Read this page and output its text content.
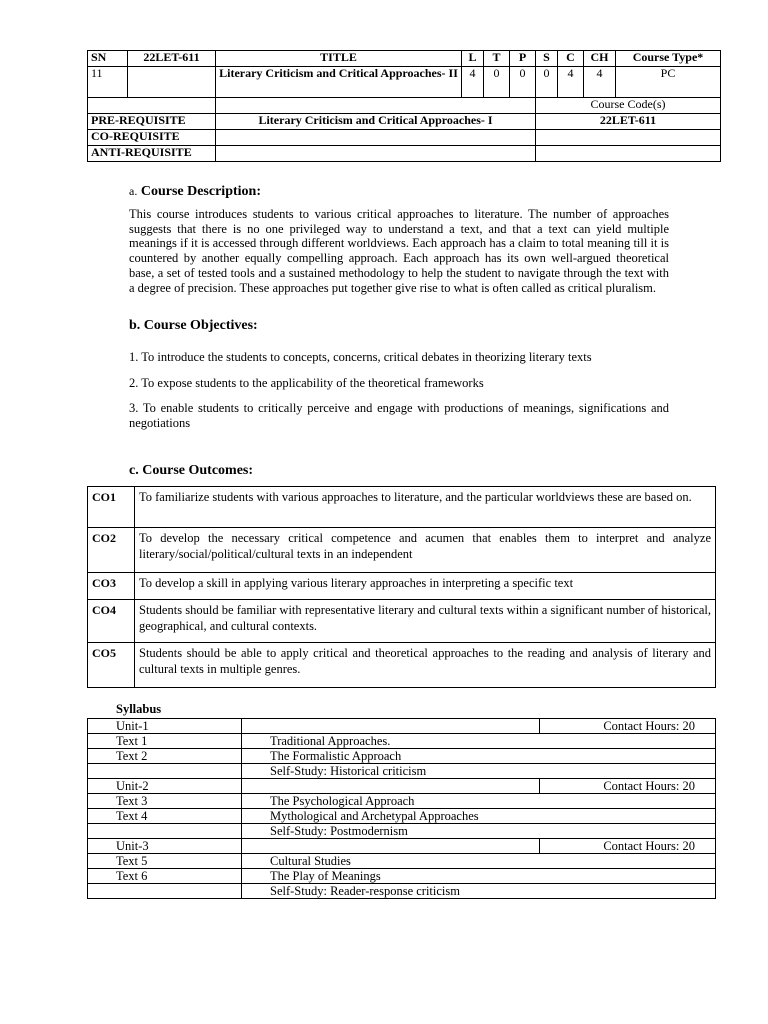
SN	22LET-611	TITLE	L	T	P	S	C	CH	Course Type*
11		Literary Criticism and Critical Approaches- II	4	0	0	0	4	4	PC
						Course Code(s)			
PRE-REQUISITE		Literary Criticism and Critical Approaches- I				22LET-611			
CO-REQUISITE									
ANTI-REQUISITE									
a. Course Description:
This course introduces students to various critical approaches to literature. The number of approaches suggests that there is no one privileged way to understand a text, and that a text can yield multiple meanings if it is accessed through different worldviews. Each approach has a claim to total meaning till it is countered by another equally compelling approach. Each approach has its own well-argued theoretical base, a set of tested tools and a sustained methodology to help the student to navigate through the text with a degree of precision. These approaches put together give rise to what is often called as critical pluralism.
b. Course Objectives:
1. To introduce the students to concepts, concerns, critical debates in theorizing literary texts
2. To expose students to the applicability of the theoretical frameworks
3. To enable students to critically perceive and engage with productions of meanings, significations and negotiations
c. Course Outcomes:
CO1	To familiarize students with various approaches to literature, and the particular worldviews these are based on.
CO2	To develop the necessary critical competence and acumen that enables them to interpret and analyze literary/social/political/cultural texts in an independent
CO3	To develop a skill in applying various literary approaches in interpreting a specific text
CO4	Students should be familiar with representative literary and cultural texts within a significant number of historical, geographical, and cultural contexts.
CO5	Students should be able to apply critical and theoretical approaches to the reading and analysis of literary and cultural texts in multiple genres.
Syllabus
Unit-1		Contact Hours: 20
Text 1	Traditional Approaches.	
Text 2	The Formalistic Approach	
	Self-Study: Historical criticism	
Unit-2		Contact Hours: 20
Text 3	The Psychological Approach	
Text 4	Mythological and Archetypal Approaches	
	Self-Study: Postmodernism	
Unit-3		Contact Hours: 20
Text 5	Cultural Studies	
Text 6	The Play of Meanings	
	Self-Study: Reader-response criticism	
